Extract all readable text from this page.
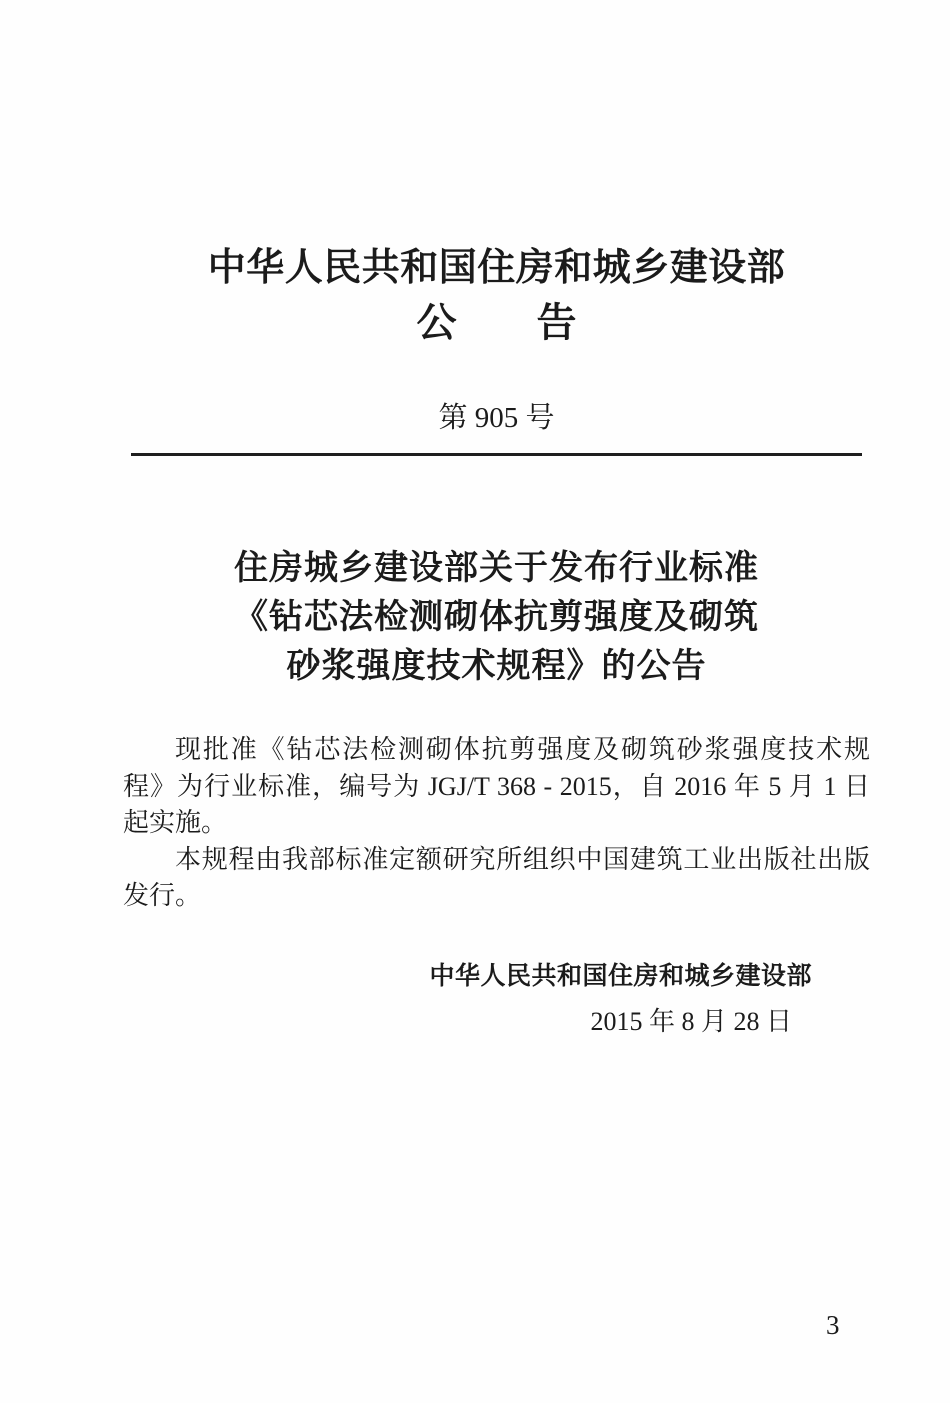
中华人民共和国住房和城乡建设部
公　　告
第 905 号
住房城乡建设部关于发布行业标准
《钻芯法检测砌体抗剪强度及砌筑
砂浆强度技术规程》的公告
现批准《钻芯法检测砌体抗剪强度及砌筑砂浆强度技术规
程》为行业标准，编号为 JGJ/T 368 - 2015，自 2016 年 5 月 1 日
起实施。
本规程由我部标准定额研究所组织中国建筑工业出版社出版
发行。
中华人民共和国住房和城乡建设部
2015 年 8 月 28 日
3
